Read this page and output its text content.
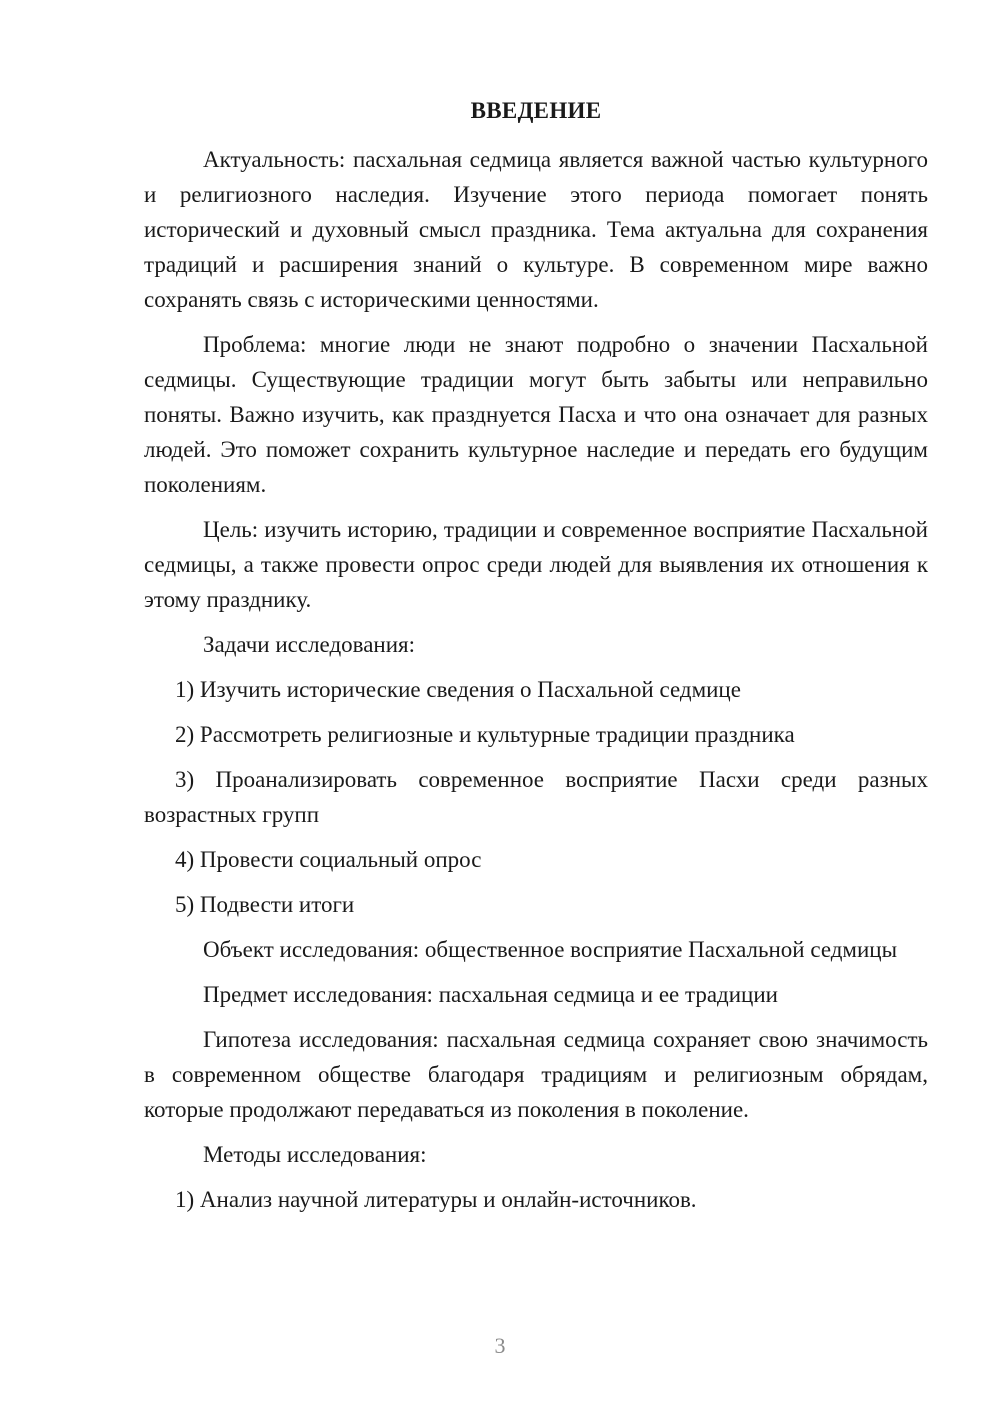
ВВЕДЕНИЕ

Актуальность: пасхальная седмица является важной частью культурного и религиозного наследия. Изучение этого периода помогает понять исторический и духовный смысл праздника. Тема актуальна для сохранения традиций и расширения знаний о культуре. В современном мире важно сохранять связь с историческими ценностями.

Проблема: многие люди не знают подробно о значении Пасхальной седмицы. Существующие традиции могут быть забыты или неправильно поняты. Важно изучить, как празднуется Пасха и что она означает для разных людей. Это поможет сохранить культурное наследие и передать его будущим поколениям.

Цель: изучить историю, традиции и современное восприятие Пасхальной седмицы, а также провести опрос среди людей для выявления их отношения к этому празднику.

Задачи исследования:

1) Изучить исторические сведения о Пасхальной седмице

2) Рассмотреть религиозные и культурные традиции праздника

3) Проанализировать современное восприятие Пасхи среди разных возрастных групп

4) Провести социальный опрос

5) Подвести итоги

Объект исследования: общественное восприятие Пасхальной седмицы

Предмет исследования: пасхальная седмица и ее традиции

Гипотеза исследования: пасхальная седмица сохраняет свою значимость в современном обществе благодаря традициям и религиозным обрядам, которые продолжают передаваться из поколения в поколение.

Методы исследования:

1) Анализ научной литературы и онлайн-источников.

3
